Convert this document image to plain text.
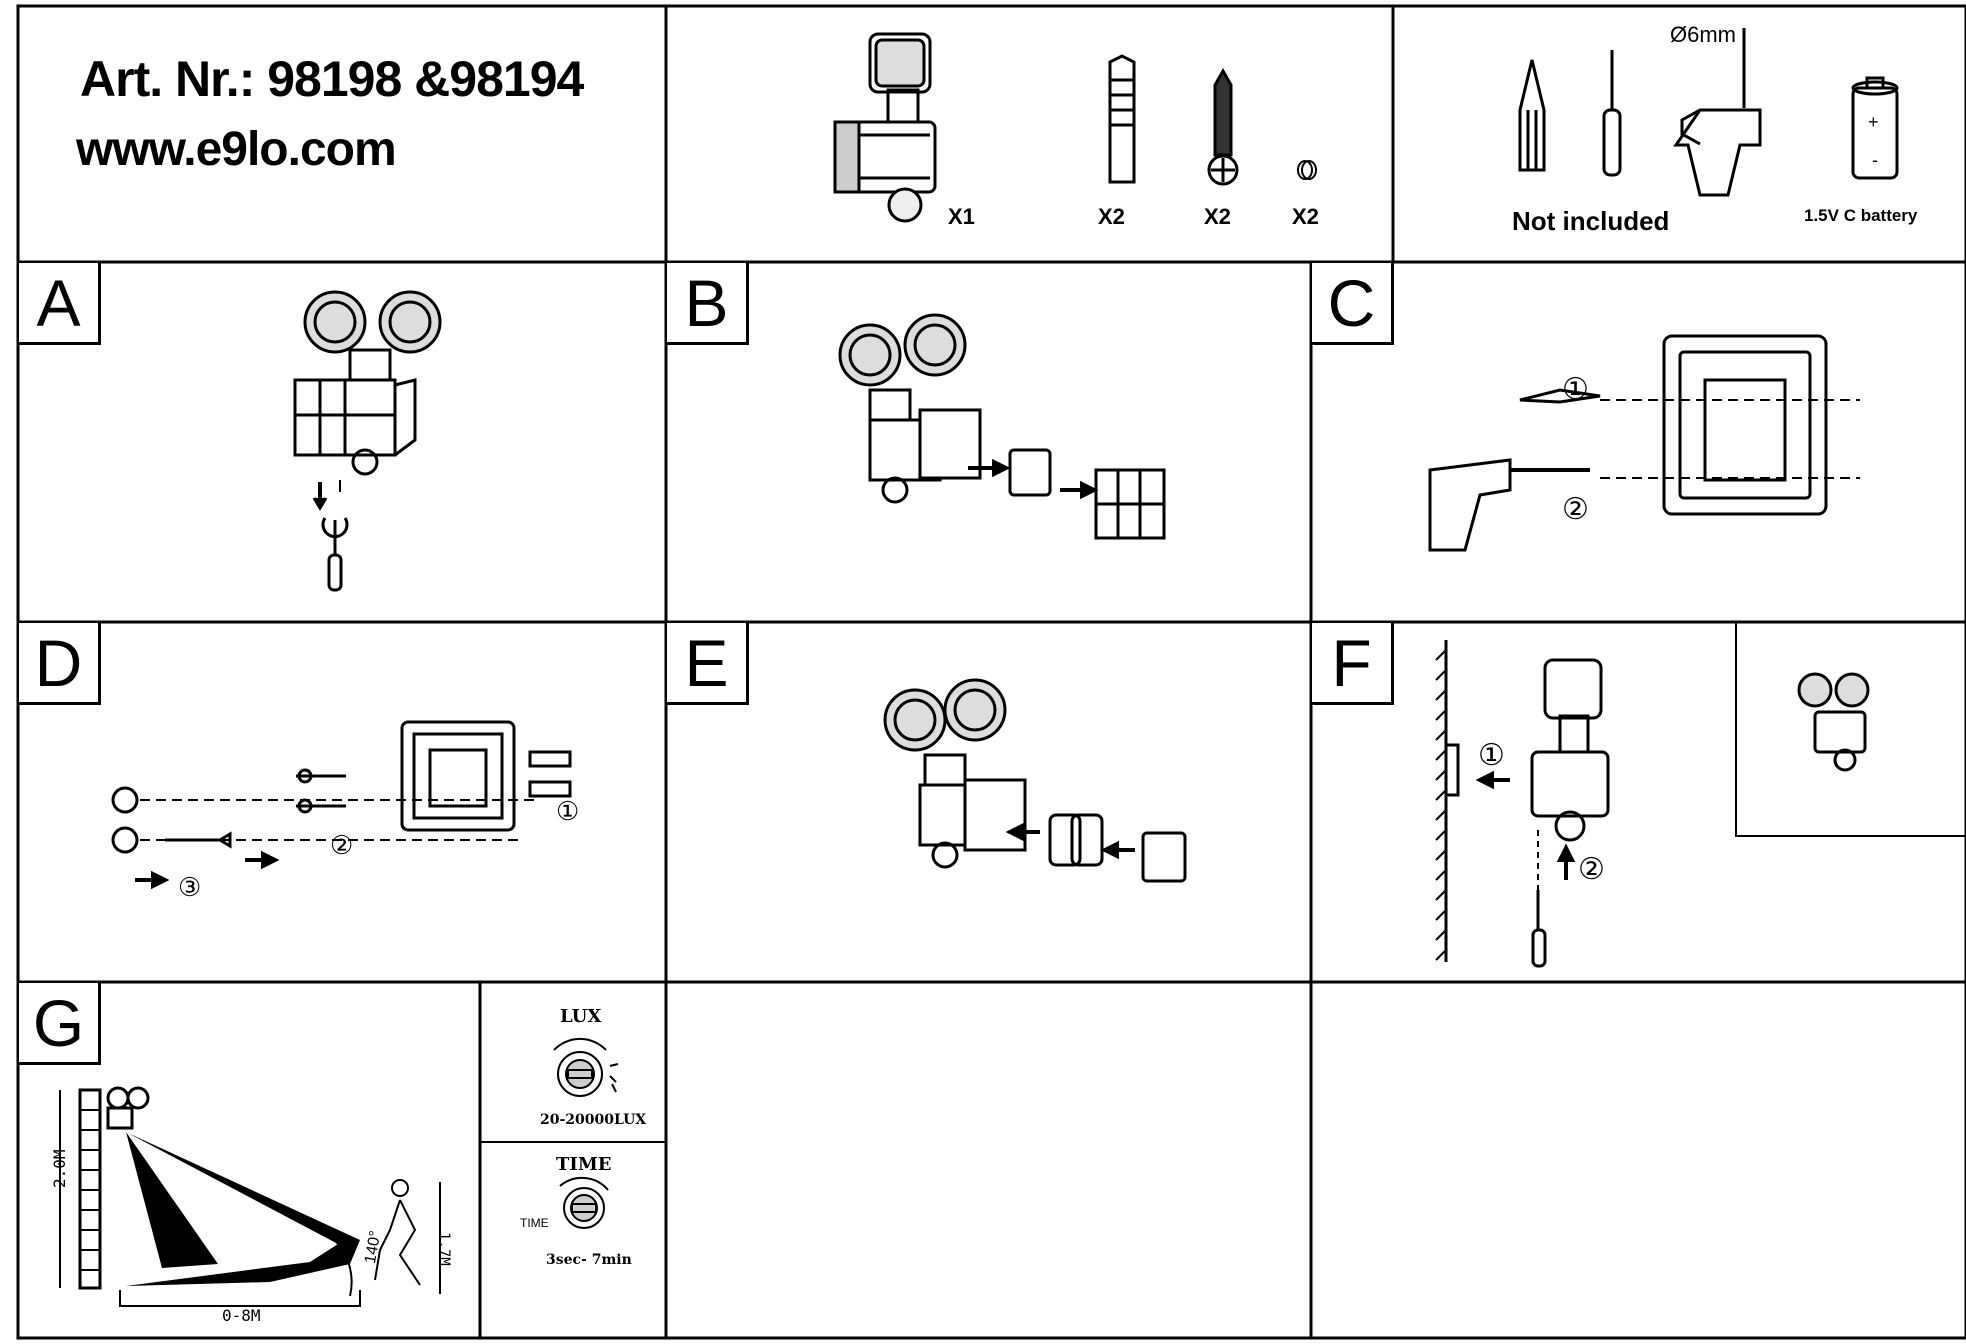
Art. Nr.: 98198 &98194
www.e9lo.com
X1	X2	X2	X2
Ø6mm
Not included	1.5V C battery
+
-
A	B	C
D	E	F
G
①
②
①
②
③
①
②
2.0M
0-8M
140°	1.7M
LUX
20-20000LUX
TIME
TIME
3sec- 7min
